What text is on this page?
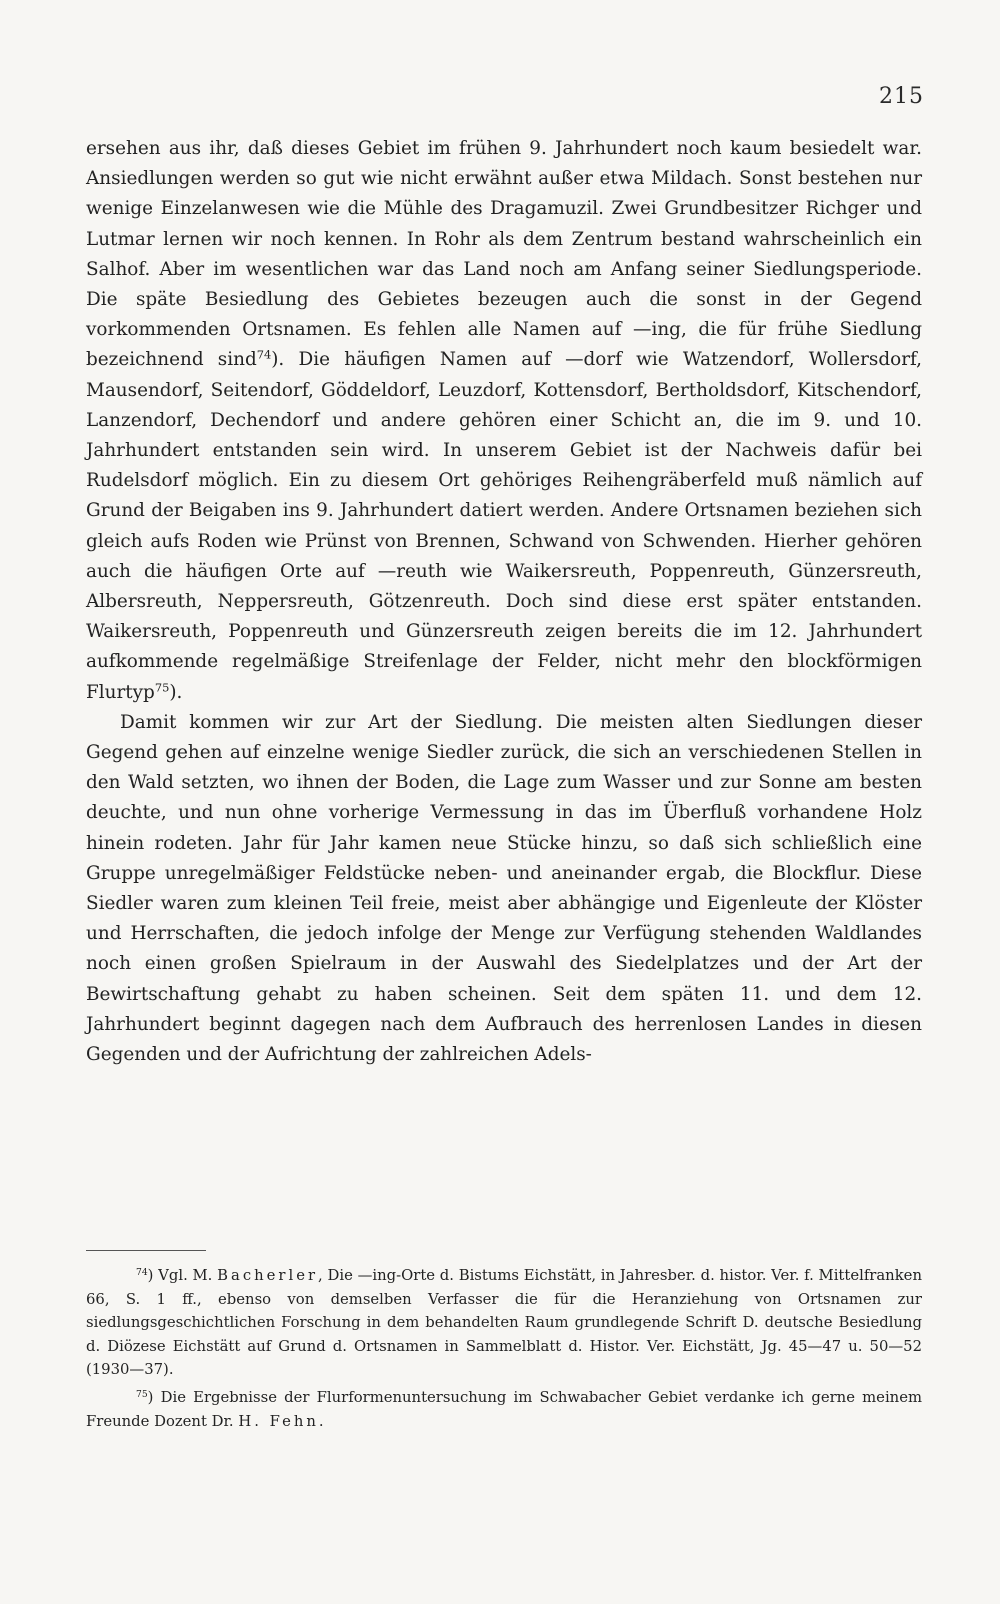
215

ersehen aus ihr, daß dieses Gebiet im frühen 9. Jahrhundert noch kaum besiedelt war. Ansiedlungen werden so gut wie nicht erwähnt außer etwa Mildach. Sonst bestehen nur wenige Einzelanwesen wie die Mühle des Dragamuzil. Zwei Grundbesitzer Richger und Lutmar lernen wir noch kennen. In Rohr als dem Zentrum bestand wahrscheinlich ein Salhof. Aber im wesentlichen war das Land noch am Anfang seiner Siedlungsperiode. Die späte Besiedlung des Gebietes bezeugen auch die sonst in der Gegend vorkommenden Ortsnamen. Es fehlen alle Namen auf —ing, die für frühe Siedlung bezeichnend sind$^{74}$). Die häufigen Namen auf —dorf wie Watzendorf, Wollersdorf, Mausendorf, Seitendorf, Göddeldorf, Leuzdorf, Kottensdorf, Bertholdsdorf, Kitschendorf, Lanzendorf, Dechendorf und andere gehören einer Schicht an, die im 9. und 10. Jahrhundert entstanden sein wird. In unserem Gebiet ist der Nachweis dafür bei Rudelsdorf möglich. Ein zu diesem Ort gehöriges Reihengräberfeld muß nämlich auf Grund der Beigaben ins 9. Jahrhundert datiert werden. Andere Ortsnamen beziehen sich gleich aufs Roden wie Prünst von Brennen, Schwand von Schwenden. Hierher gehören auch die häufigen Orte auf —reuth wie Waikersreuth, Poppenreuth, Günzersreuth, Albersreuth, Neppersreuth, Götzenreuth. Doch sind diese erst später entstanden. Waikersreuth, Poppenreuth und Günzersreuth zeigen bereits die im 12. Jahrhundert aufkommende regelmäßige Streifenlage der Felder, nicht mehr den blockförmigen Flurtyp$^{75}$).

Damit kommen wir zur Art der Siedlung. Die meisten alten Siedlungen dieser Gegend gehen auf einzelne wenige Siedler zurück, die sich an verschiedenen Stellen in den Wald setzten, wo ihnen der Boden, die Lage zum Wasser und zur Sonne am besten deuchte, und nun ohne vorherige Vermessung in das im Überfluß vorhandene Holz hinein rodeten. Jahr für Jahr kamen neue Stücke hinzu, so daß sich schließlich eine Gruppe unregelmäßiger Feldstücke neben- und aneinander ergab, die Blockflur. Diese Siedler waren zum kleinen Teil freie, meist aber abhängige und Eigenleute der Klöster und Herrschaften, die jedoch infolge der Menge zur Verfügung stehenden Waldlandes noch einen großen Spielraum in der Auswahl des Siedelplatzes und der Art der Bewirtschaftung gehabt zu haben scheinen. Seit dem späten 11. und dem 12. Jahrhundert beginnt dagegen nach dem Aufbrauch des herrenlosen Landes in diesen Gegenden und der Aufrichtung der zahlreichen Adels-

$^{74}$) Vgl. M. Bacherler, Die —ing-Orte d. Bistums Eichstätt, in Jahresber. d. histor. Ver. f. Mittelfranken 66, S. 1 ff., ebenso von demselben Verfasser die für die Heranziehung von Ortsnamen zur siedlungsgeschichtlichen Forschung in dem behandelten Raum grundlegende Schrift D. deutsche Besiedlung d. Diözese Eichstätt auf Grund d. Ortsnamen in Sammelblatt d. Histor. Ver. Eichstätt, Jg. 45—47 u. 50—52 (1930—37).

$^{75}$) Die Ergebnisse der Flurformenuntersuchung im Schwabacher Gebiet verdanke ich gerne meinem Freunde Dozent Dr. H. Fehn.
